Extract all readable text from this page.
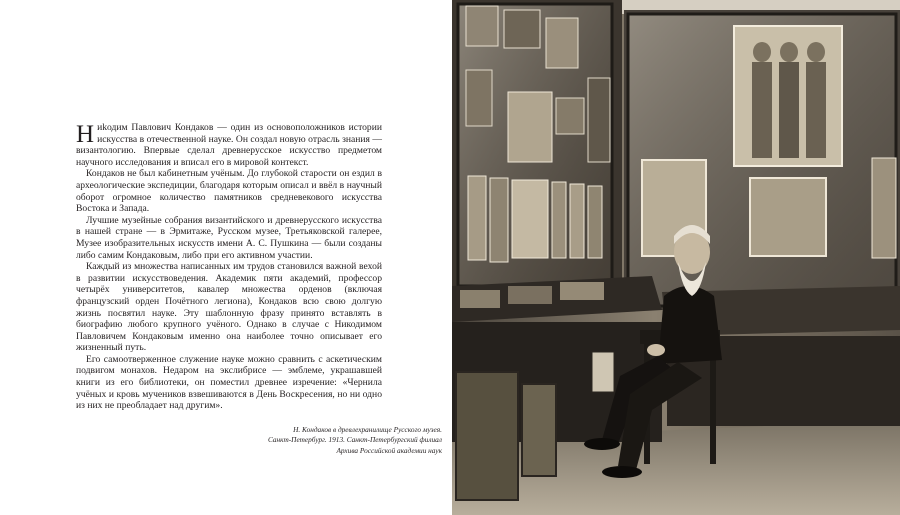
Ниkодим Павлович Кондаков — один из основоположников истории искусства в отечественной науке. Он создал новую отрасль знания — византологию. Впервые сделал древнерусское искусство предметом научного исследования и вписал его в мировой контекст.

Кондаков не был кабинетным учёным. До глубокой старости он ездил в археологические экспедиции, благодаря которым описал и ввёл в научный оборот огромное количество памятников средневекового искусства Востока и Запада.

Лучшие музейные собрания византийского и древнерусского искусства в нашей стране — в Эрмитаже, Русском музее, Третьяковской галерее, Музее изобразительных искусств имени А. С. Пушкина — были созданы либо самим Кондаковым, либо при его активном участии.

Каждый из множества написанных им трудов становился важной вехой в развитии искусствоведения. Академик пяти академий, профессор четырёх университетов, кавалер множества орденов (включая французский орден Почётного легиона), Кондаков всю свою долгую жизнь посвятил науке. Эту шаблонную фразу принято вставлять в биографию любого крупного учёного. Однако в случае с Никодимом Павловичем Кондаковым именно она наиболее точно описывает его жизненный путь.

Его самоотверженное служение науке можно сравнить с аскетическим подвигом монахов. Недаром на экслибрисе — эмблеме, украшавшей книги из его библиотеки, он поместил древнее изречение: «Чернила учёных и кровь мучеников взвешиваются в День Воскресения, но ни одно из них не преобладает над другим».

Н. Кондаков в древлехранилище Русского музея.
Санкт-Петербург. 1913. Санкт-Петербургский филиал
Архива Российской академии наук
